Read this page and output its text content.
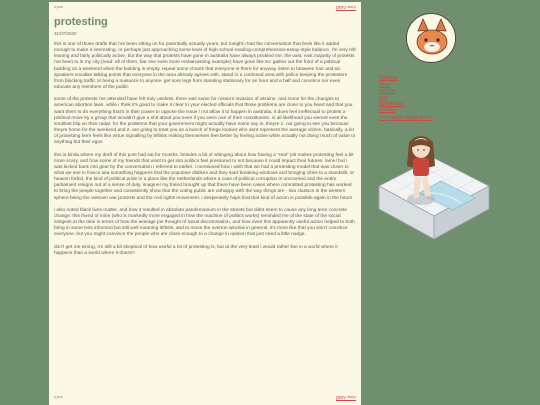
<==	prev ==>
protesting
31/07/2020

this is one of those drafts that i've been sitting on for potentially actually years, but tonight i had the conversation that feels like it added enough to make it interesting, or perhaps just approaching some level of high-school-reading-comprehension-essay-style balance. i'm very left leaning and fairly politically active, but the way that protests have gone in australia have always prickled me. the vast, vast majority of protests i've been to in my city (read: all of them, bar one even more embarrassing example) have gone like so: gather out the front of a political building on a weekend when the building is empty. repeat some chants that everyone is there for anyway. listen to between four and six speakers vocalise talking points that everyone in the area already agrees with. stand in a cordoned area with police keeping the protesters from blocking traffic or being a nuisance to anyone. get sore legs from standing stationary for an hour and a half and convince nor even educate any members of the public

some of the protests i've attended have felt truly useless. there was some for russia's invasion of ukraine, and some for the changes to american abortion laws. while i think it's good to make it clear to your elected officials that those problems are close to you heart and that you want them to do everything that's in their power to oppose the issue / not allow it to happen in australia, it does feel ineffectual to protest a political move by a group that wouldn't give a shit about you even if you were one of their constituents. in all likelihood you werent even the smallest blip on their radar. for the problems that your government might actually have some say in, theyre 1. not going to see you because theyre home for the weekend and 2. are going to treat you as a bunch of fringe loonies who dont represent the average citizen. basically, a lot of protesting here feels like virtue signalling by leftists making themselves feel better by feeling active while actually not doing much of value to anything but their egos

this is kinda where my draft of this post had sat for months, besides a bit of whinging about how having a "real" job makes protesting feel a bit more scary, and how some of my friends that want to get into politics feel pressured to not because it could impact their futures. lame! but i was kicked back into gear by the conversation i referred to earlier. i mentioned how i wish that we had a protesting model that was closer to what we see in france aka something happens that the populace dislikes and they start breaking windows and bringing cities to a standstill. or heaven forbid, the kind of political pride in a place like the netherlands where a case of political corruption is uncovered and the entire parliament resigns out of a sense of duty. imagine! my friend brought up that there have been cases where committed protesting has worked to bring the people together and consistently show that the voting public are unhappy with the way things are - two classics in the western sphere being the vietnam war protests and the civil rights movement. i desperately hope that that kind of action is possible again in the future

i also noted black lives matter, and how it resulted in absolute pandemonium in the streets but didnt seem to cause any long term concrete change. this friend of mine (who is markedly more engaged in how the machine of politics works) reminded me of the state of the social zeitgeist at the time in terms of how the average joe thought of racial discrimination, and how even this apparently useful action helped to both bring in some less informed but still well meaning leftists, and to move the overton window in general. it's more like that you won't convince everyone, but you might convince the people who are close enough to a change in opinion that just need a little nudge.

don't get me wrong, i'm still a bit skeptical of how useful a lot of protesting is, but at the very least i would rather live in a world where it happens than a world where it doesn't

<==	prev ==>
/
/sitemap
/links
/journal
/rss
/guestbook
/credits
<== hotline webring ==>
